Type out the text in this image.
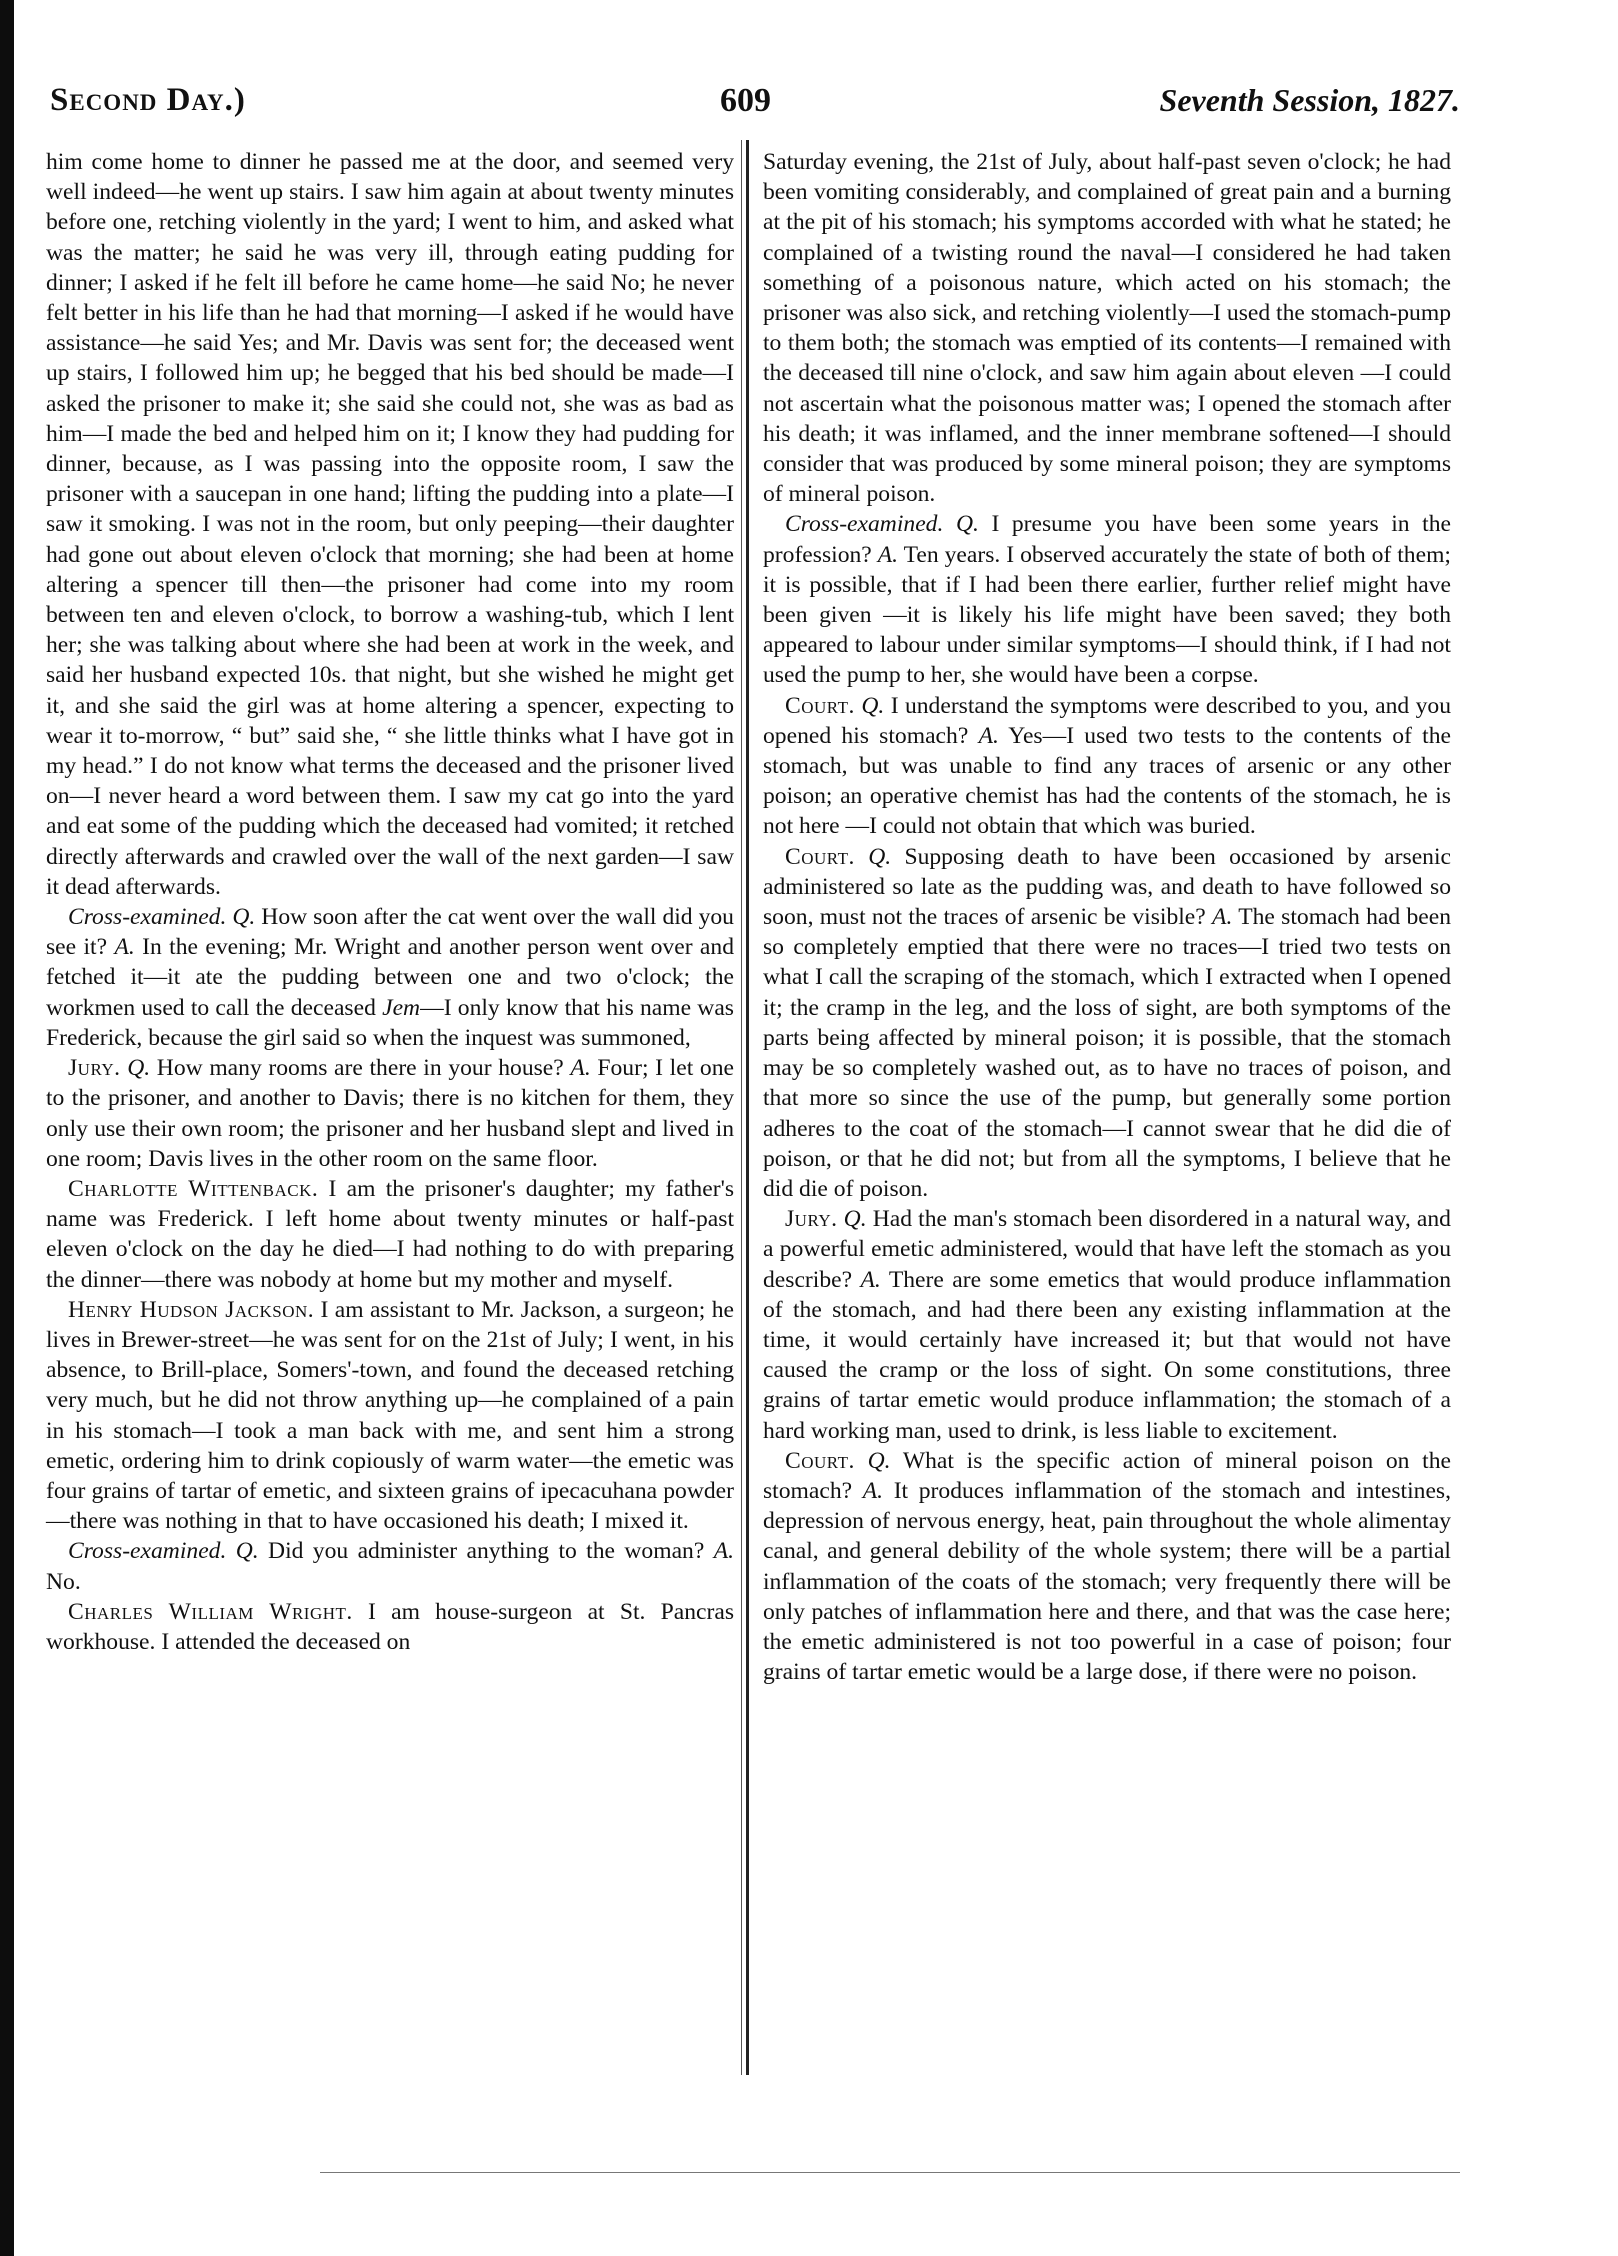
Second Day.)	609	Seventh Session, 1827.

him come home to dinner he passed me at the door, and seemed very well indeed—he went up stairs. I saw him again at about twenty minutes before one, retching violently in the yard; I went to him, and asked what was the matter; he said he was very ill, through eating pudding for dinner; I asked if he felt ill before he came home—he said No; he never felt better in his life than he had that morning—I asked if he would have assistance—he said Yes; and Mr. Davis was sent for; the deceased went up stairs, I followed him up; he begged that his bed should be made—I asked the prisoner to make it; she said she could not, she was as bad as him—I made the bed and helped him on it; I know they had pudding for dinner, because, as I was passing into the opposite room, I saw the prisoner with a saucepan in one hand; lifting the pudding into a plate—I saw it smoking. I was not in the room, but only peeping—their daughter had gone out about eleven o'clock that morning; she had been at home altering a spencer till then—the prisoner had come into my room between ten and eleven o'clock, to borrow a washing-tub, which I lent her; she was talking about where she had been at work in the week, and said her husband expected 10s. that night, but she wished he might get it, and she said the girl was at home altering a spencer, expecting to wear it to-morrow, “ but” said she, “ she little thinks what I have got in my head.” I do not know what terms the deceased and the prisoner lived on—I never heard a word between them. I saw my cat go into the yard and eat some of the pudding which the deceased had vomited; it retched directly afterwards and crawled over the wall of the next garden—I saw it dead afterwards.

Cross-examined. Q. How soon after the cat went over the wall did you see it? A. In the evening; Mr. Wright and another person went over and fetched it—it ate the pudding between one and two o'clock; the workmen used to call the deceased Jem—I only know that his name was Frederick, because the girl said so when the inquest was summoned,

Jury. Q. How many rooms are there in your house? A. Four; I let one to the prisoner, and another to Davis; there is no kitchen for them, they only use their own room; the prisoner and her husband slept and lived in one room; Davis lives in the other room on the same floor.

Charlotte Wittenback. I am the prisoner's daughter; my father's name was Frederick. I left home about twenty minutes or half-past eleven o'clock on the day he died—I had nothing to do with preparing the dinner—there was nobody at home but my mother and myself.

Henry Hudson Jackson. I am assistant to Mr. Jackson, a surgeon; he lives in Brewer-street—he was sent for on the 21st of July; I went, in his absence, to Brill-place, Somers'-town, and found the deceased retching very much, but he did not throw anything up—he complained of a pain in his stomach—I took a man back with me, and sent him a strong emetic, ordering him to drink copiously of warm water—the emetic was four grains of tartar of emetic, and sixteen grains of ipecacuhana powder—there was nothing in that to have occasioned his death; I mixed it.

Cross-examined. Q. Did you administer anything to the woman? A. No.

Charles William Wright. I am house-surgeon at St. Pancras workhouse. I attended the deceased on

Saturday evening, the 21st of July, about half-past seven o'clock; he had been vomiting considerably, and complained of great pain and a burning at the pit of his stomach; his symptoms accorded with what he stated; he complained of a twisting round the naval—I considered he had taken something of a poisonous nature, which acted on his stomach; the prisoner was also sick, and retching violently—I used the stomach-pump to them both; the stomach was emptied of its contents—I remained with the deceased till nine o'clock, and saw him again about eleven —I could not ascertain what the poisonous matter was; I opened the stomach after his death; it was inflamed, and the inner membrane softened—I should consider that was produced by some mineral poison; they are symptoms of mineral poison.

Cross-examined. Q. I presume you have been some years in the profession? A. Ten years. I observed accurately the state of both of them; it is possible, that if I had been there earlier, further relief might have been given —it is likely his life might have been saved; they both appeared to labour under similar symptoms—I should think, if I had not used the pump to her, she would have been a corpse.

Court. Q. I understand the symptoms were described to you, and you opened his stomach? A. Yes—I used two tests to the contents of the stomach, but was unable to find any traces of arsenic or any other poison; an operative chemist has had the contents of the stomach, he is not here —I could not obtain that which was buried.

Court. Q. Supposing death to have been occasioned by arsenic administered so late as the pudding was, and death to have followed so soon, must not the traces of arsenic be visible? A. The stomach had been so completely emptied that there were no traces—I tried two tests on what I call the scraping of the stomach, which I extracted when I opened it; the cramp in the leg, and the loss of sight, are both symptoms of the parts being affected by mineral poison; it is possible, that the stomach may be so completely washed out, as to have no traces of poison, and that more so since the use of the pump, but generally some portion adheres to the coat of the stomach—I cannot swear that he did die of poison, or that he did not; but from all the symptoms, I believe that he did die of poison.

Jury. Q. Had the man's stomach been disordered in a natural way, and a powerful emetic administered, would that have left the stomach as you describe? A. There are some emetics that would produce inflammation of the stomach, and had there been any existing inflammation at the time, it would certainly have increased it; but that would not have caused the cramp or the loss of sight. On some constitutions, three grains of tartar emetic would produce inflammation; the stomach of a hard working man, used to drink, is less liable to excitement.

Court. Q. What is the specific action of mineral poison on the stomach? A. It produces inflammation of the stomach and intestines, depression of nervous energy, heat, pain throughout the whole alimentay canal, and general debility of the whole system; there will be a partial inflammation of the coats of the stomach; very frequently there will be only patches of inflammation here and there, and that was the case here; the emetic administered is not too powerful in a case of poison; four grains of tartar emetic would be a large dose, if there were no poison.
